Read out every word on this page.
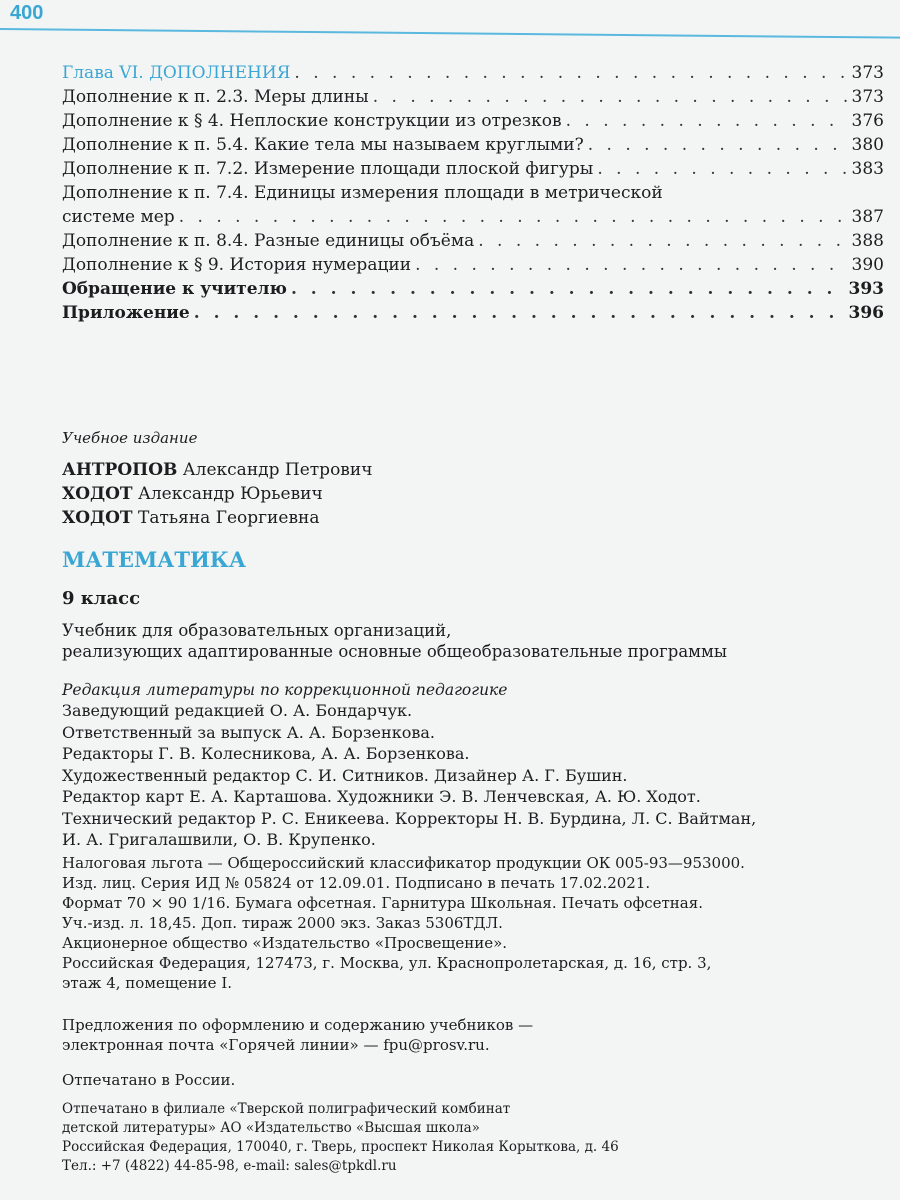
400
Глава VI. ДОПОЛНЕНИЯ . . .	373
Дополнение к п. 2.3. Меры длины . . .	373
Дополнение к § 4. Неплоские конструкции из отрезков . . .	376
Дополнение к п. 5.4. Какие тела мы называем круглыми? . . .	380
Дополнение к п. 7.2. Измерение площади плоской фигуры . . .	383
Дополнение к п. 7.4. Единицы измерения площади в метрической
системе мер . . .	387
Дополнение к п. 8.4. Разные единицы объёма . . .	388
Дополнение к § 9. История нумерации . . .	390
Обращение к учителю . . .	393
Приложение . . .	396
Учебное издание
АНТРОПОВ Александр Петрович
ХОДОТ Александр Юрьевич
ХОДОТ Татьяна Георгиевна
МАТЕМАТИКА
9 класс
Учебник для образовательных организаций,
реализующих адаптированные основные общеобразовательные программы
Редакция литературы по коррекционной педагогике
Заведующий редакцией О. А. Бондарчук.
Ответственный за выпуск А. А. Борзенкова.
Редакторы Г. В. Колесникова, А. А. Борзенкова.
Художественный редактор С. И. Ситников. Дизайнер А. Г. Бушин.
Редактор карт Е. А. Карташова. Художники Э. В. Ленчевская, А. Ю. Ходот.
Технический редактор Р. С. Еникеева. Корректоры Н. В. Бурдина, Л. С. Вайтман,
И. А. Григалашвили, О. В. Крупенко.
Налоговая льгота — Общероссийский классификатор продукции ОК 005-93—953000.
Изд. лиц. Серия ИД № 05824 от 12.09.01. Подписано в печать 17.02.2021.
Формат 70 × 90 1/16. Бумага офсетная. Гарнитура Школьная. Печать офсетная.
Уч.-изд. л. 18,45. Доп. тираж 2000 экз. Заказ 5306ТДЛ.
Акционерное общество «Издательство «Просвещение».
Российская Федерация, 127473, г. Москва, ул. Краснопролетарская, д. 16, стр. 3,
этаж 4, помещение I.
Предложения по оформлению и содержанию учебников —
электронная почта «Горячей линии» — fpu@prosv.ru.
Отпечатано в России.
Отпечатано в филиале «Тверской полиграфический комбинат
детской литературы» АО «Издательство «Высшая школа»
Российская Федерация, 170040, г. Тверь, проспект Николая Корыткова, д. 46
Тел.: +7 (4822) 44-85-98, e-mail: sales@tpkdl.ru
